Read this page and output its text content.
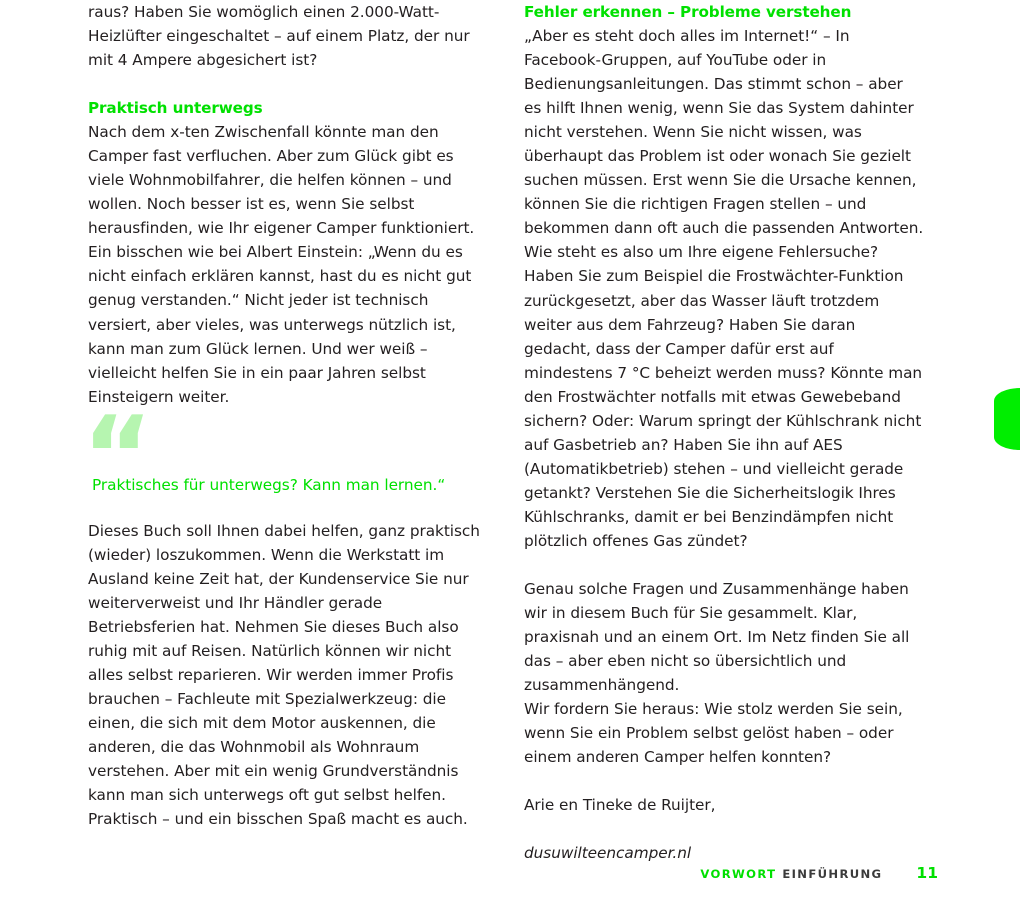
raus? Haben Sie womöglich einen 2.000-Watt-Heizlüfter eingeschaltet – auf einem Platz, der nur mit 4 Ampere abgesichert ist?

Praktisch unterwegs

Nach dem x-ten Zwischenfall könnte man den Camper fast verfluchen. Aber zum Glück gibt es viele Wohnmobilfahrer, die helfen können – und wollen. Noch besser ist es, wenn Sie selbst herausfinden, wie Ihr eigener Camper funktioniert. Ein bisschen wie bei Albert Einstein: „Wenn du es nicht einfach erklären kannst, hast du es nicht gut genug verstanden.“ Nicht jeder ist technisch versiert, aber vieles, was unterwegs nützlich ist, kann man zum Glück lernen. Und wer weiß – vielleicht helfen Sie in ein paar Jahren selbst Einsteigern weiter.

“
Praktisches für unterwegs? Kann man lernen.“

Dieses Buch soll Ihnen dabei helfen, ganz praktisch (wieder) loszukommen. Wenn die Werkstatt im Ausland keine Zeit hat, der Kundenservice Sie nur weiterverweist und Ihr Händler gerade Betriebsferien hat. Nehmen Sie dieses Buch also ruhig mit auf Reisen. Natürlich können wir nicht alles selbst reparieren. Wir werden immer Profis brauchen – Fachleute mit Spezialwerkzeug: die einen, die sich mit dem Motor auskennen, die anderen, die das Wohnmobil als Wohnraum verstehen. Aber mit ein wenig Grundverständnis kann man sich unterwegs oft gut selbst helfen. Praktisch – und ein bisschen Spaß macht es auch.

Fehler erkennen – Probleme verstehen

„Aber es steht doch alles im Internet!“ – In Facebook-Gruppen, auf YouTube oder in Bedienungsanleitungen. Das stimmt schon – aber es hilft Ihnen wenig, wenn Sie das System dahinter nicht verstehen. Wenn Sie nicht wissen, was überhaupt das Problem ist oder wonach Sie gezielt suchen müssen. Erst wenn Sie die Ursache kennen, können Sie die richtigen Fragen stellen – und bekommen dann oft auch die passenden Antworten. Wie steht es also um Ihre eigene Fehlersuche?

Haben Sie zum Beispiel die Frostwächter-Funktion zurückgesetzt, aber das Wasser läuft trotzdem weiter aus dem Fahrzeug? Haben Sie daran gedacht, dass der Camper dafür erst auf mindestens 7 °C beheizt werden muss? Könnte man den Frostwächter notfalls mit etwas Gewebeband sichern? Oder: Warum springt der Kühlschrank nicht auf Gasbetrieb an? Haben Sie ihn auf AES (Automatikbetrieb) stehen – und vielleicht gerade getankt? Verstehen Sie die Sicherheitslogik Ihres Kühlschranks, damit er bei Benzindämpfen nicht plötzlich offenes Gas zündet?

Genau solche Fragen und Zusammenhänge haben wir in diesem Buch für Sie gesammelt. Klar, praxisnah und an einem Ort. Im Netz finden Sie all das – aber eben nicht so übersichtlich und zusammenhängend.

Wir fordern Sie heraus: Wie stolz werden Sie sein, wenn Sie ein Problem selbst gelöst haben – oder einem anderen Camper helfen konnten?

Arie en Tineke de Ruijter,

dusuwilteencamper.nl

VORWORT EINFÜHRUNG 11
